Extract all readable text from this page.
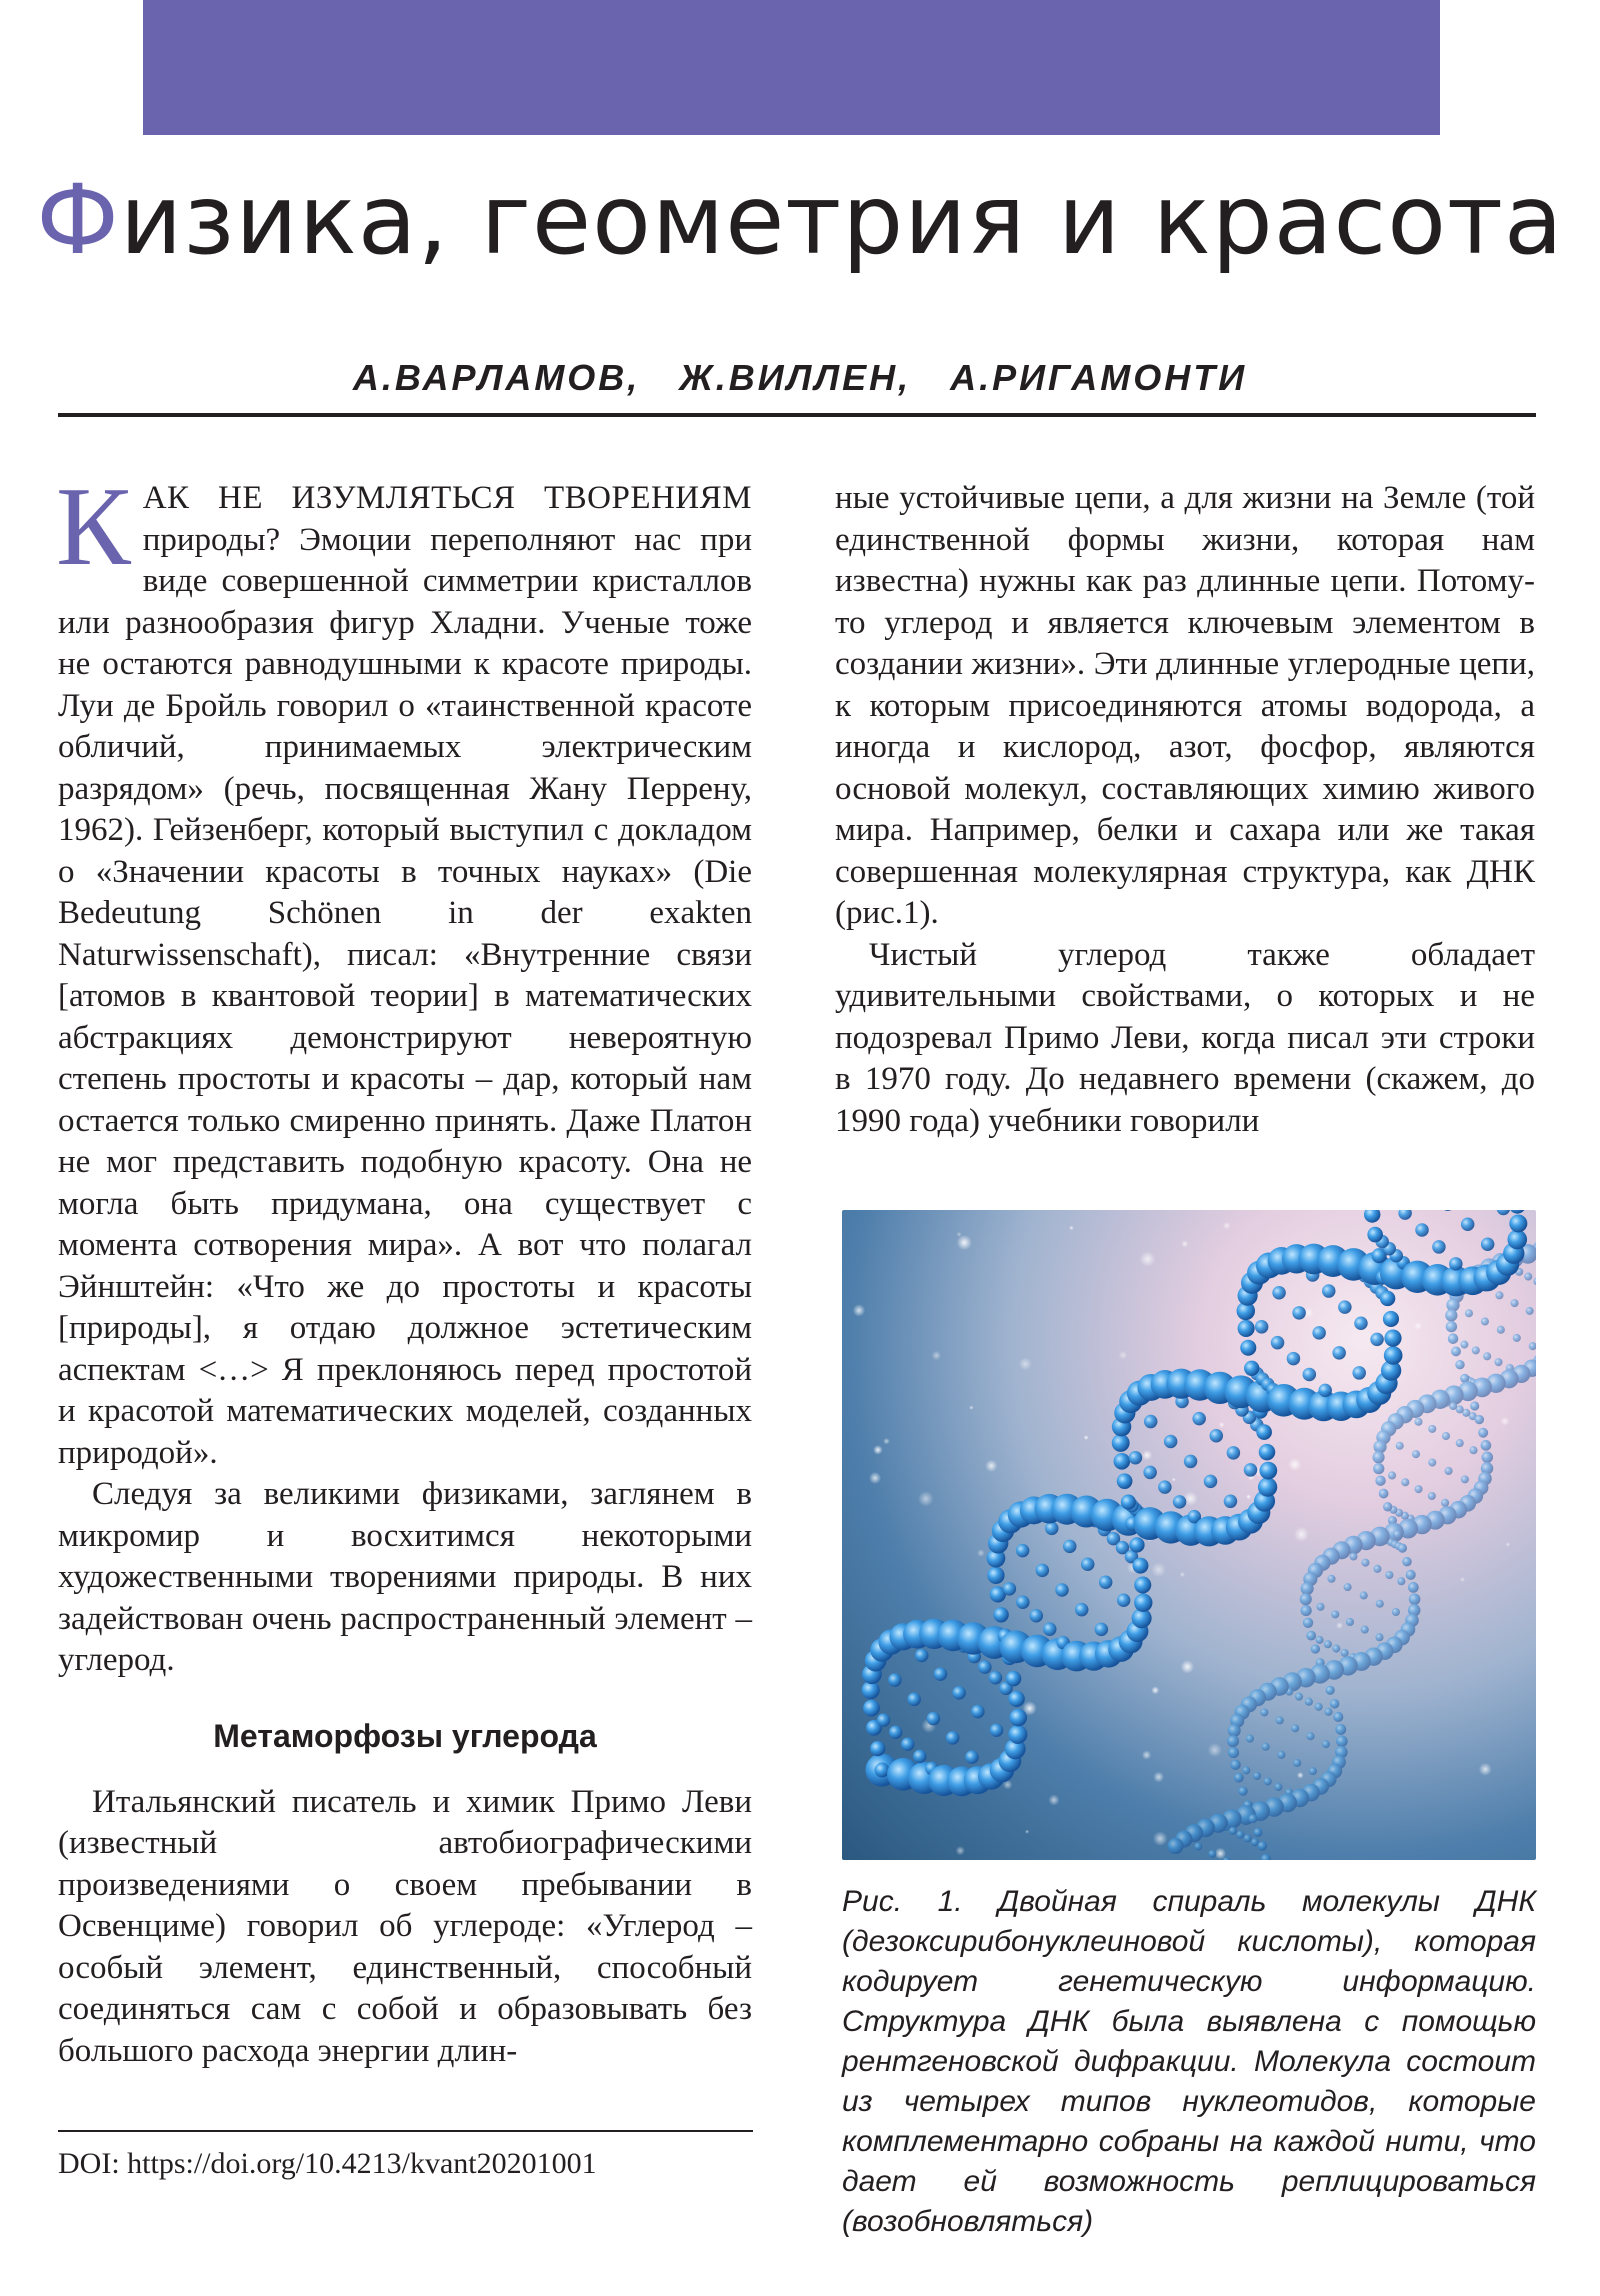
Физика, геометрия и красота
А.ВАРЛАМОВ, Ж.ВИЛЛЕН, А.РИГАМОНТИ

КАК НЕ ИЗУМЛЯТЬСЯ ТВОРЕНИЯМ природы? Эмоции переполняют нас при виде совершенной симметрии кристаллов или разнообразия фигур Хладни. Ученые тоже не остаются равнодушными к красоте природы. Луи де Бройль говорил о «таинственной красоте обличий, принимаемых электрическим разрядом» (речь, посвященная Жану Перрену, 1962). Гейзенберг, который выступил с докладом о «Значении красоты в точных науках» (Die Bedeutung Schönen in der exakten Naturwissenschaft), писал: «Внутренние связи [атомов в квантовой теории] в математических абстракциях демонстрируют невероятную степень простоты и красоты – дар, который нам остается только смиренно принять. Даже Платон не мог представить подобную красоту. Она не могла быть придумана, она существует с момента сотворения мира». А вот что полагал Эйнштейн: «Что же до простоты и красоты [природы], я отдаю должное эстетическим аспектам <…> Я преклоняюсь перед простотой и красотой математических моделей, созданных природой».

Следуя за великими физиками, заглянем в микромир и восхитимся некоторыми художественными творениями природы. В них задействован очень распространенный элемент – углерод.

Метаморфозы углерода

Итальянский писатель и химик Примо Леви (известный автобиографическими произведениями о своем пребывании в Освенциме) говорил об углероде: «Углерод – особый элемент, единственный, способный соединяться сам с собой и образовывать без большого расхода энергии длин-

ные устойчивые цепи, а для жизни на Земле (той единственной формы жизни, которая нам известна) нужны как раз длинные цепи. Потому-то углерод и является ключевым элементом в создании жизни». Эти длинные углеродные цепи, к которым присоединяются атомы водорода, а иногда и кислород, азот, фосфор, являются основой молекул, составляющих химию живого мира. Например, белки и сахара или же такая совершенная молекулярная структура, как ДНК (рис.1).

Чистый углерод также обладает удивительными свойствами, о которых и не подозревал Примо Леви, когда писал эти строки в 1970 году. До недавнего времени (скажем, до 1990 года) учебники говорили

Рис. 1. Двойная спираль молекулы ДНК (дезоксирибонуклеиновой кислоты), которая кодирует генетическую информацию. Структура ДНК была выявлена с помощью рентгеновской дифракции. Молекула состоит из четырех типов нуклеотидов, которые комплементарно собраны на каждой нити, что дает ей возможность реплицироваться (возобновляться)
DOI: https://doi.org/10.4213/kvant20201001
